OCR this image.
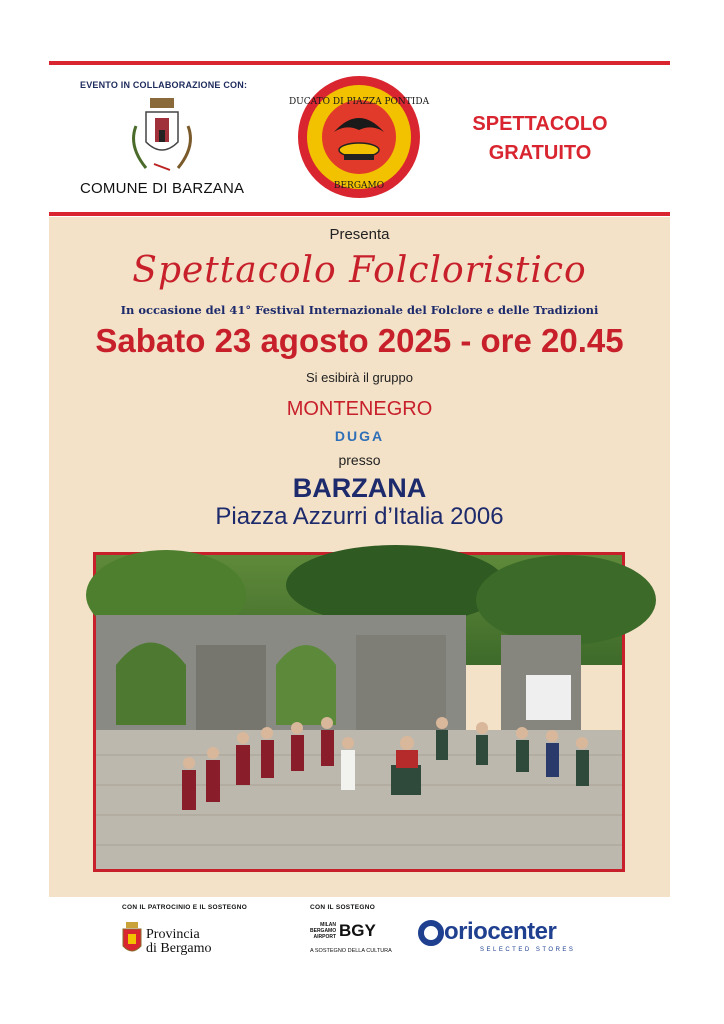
EVENTO IN COLLABORAZIONE CON:
COMUNE DI BARZANA
DUCATO DI PIAZZA PONTIDA
BERGAMO
SPETTACOLO
GRATUITO
Presenta
Spettacolo Folcloristico
In occasione del 41° Festival Internazionale del Folclore e delle Tradizioni
Sabato 23 agosto 2025 - ore 20.45
Si esibirà il gruppo
MONTENEGRO
DUGA
presso
BARZANA
Piazza Azzurri d’Italia 2006
CON IL PATROCINIO E IL SOSTEGNO
Provincia
di Bergamo
CON IL SOSTEGNO
MILAN
BERGAMO
AIRPORT BGY
A SOSTEGNO DELLA CULTURA
oriocenter
SELECTED STORES
